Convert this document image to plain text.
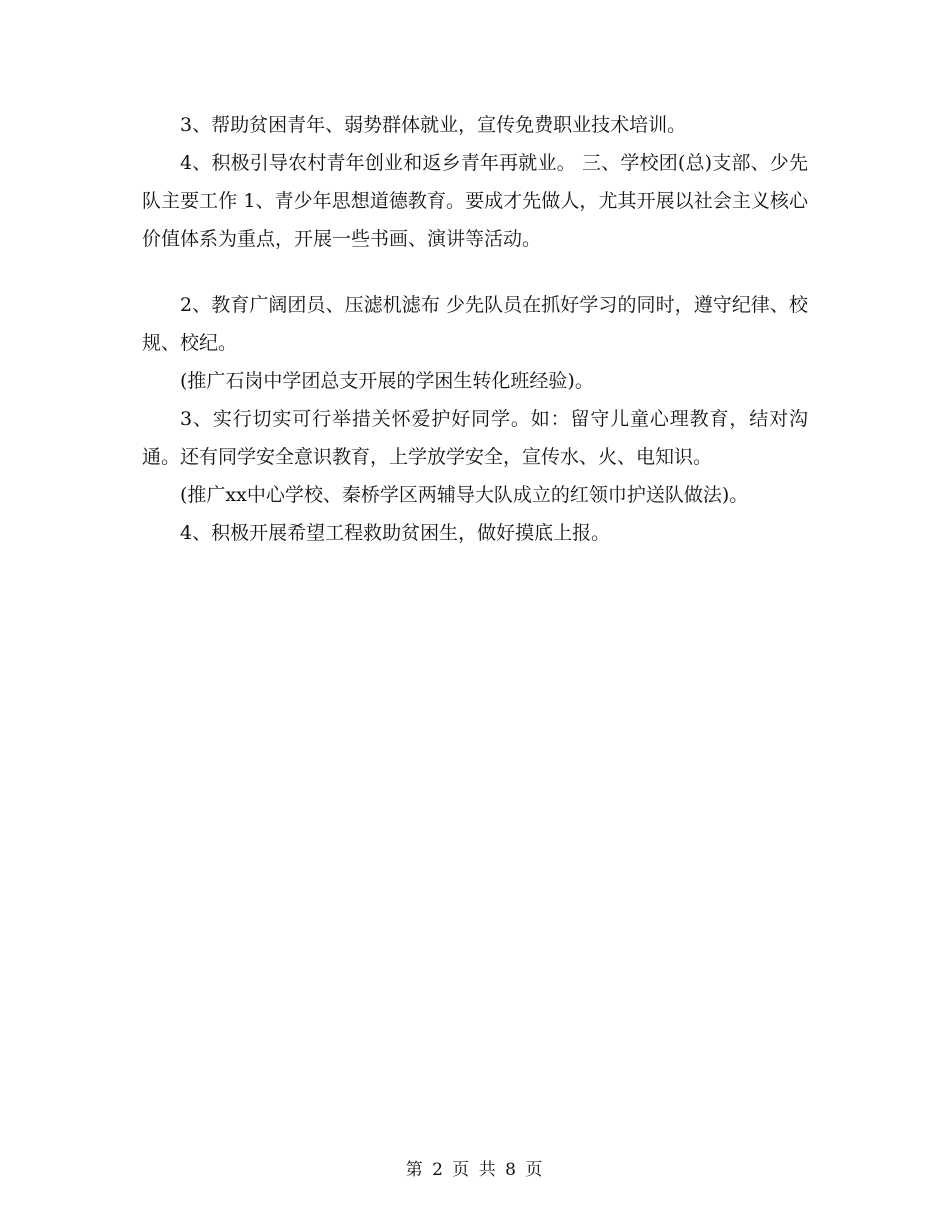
3、帮助贫困青年、弱势群体就业，宣传免费职业技术培训。

4、积极引导农村青年创业和返乡青年再就业。 三、学校团(总)支部、少先队主要工作 1、青少年思想道德教育。要成才先做人，尤其开展以社会主义核心价值体系为重点，开展一些书画、演讲等活动。

2、教育广阔团员、压滤机滤布 少先队员在抓好学习的同时，遵守纪律、校规、校纪。

(推广石岗中学团总支开展的学困生转化班经验)。

3、实行切实可行举措关怀爱护好同学。如：留守儿童心理教育，结对沟通。还有同学安全意识教育，上学放学安全，宣传水、火、电知识。

(推广xx中心学校、秦桥学区两辅导大队成立的红领巾护送队做法)。

4、积极开展希望工程救助贫困生，做好摸底上报。

第 2 页 共 8 页
